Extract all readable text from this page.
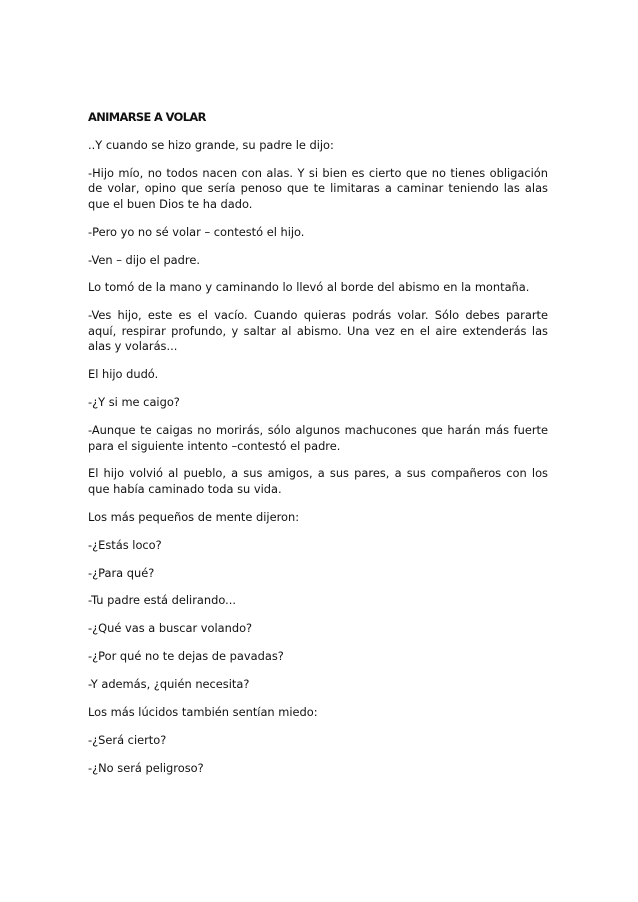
ANIMARSE A VOLAR
..Y cuando se hizo grande, su padre le dijo:
-Hijo mío, no todos nacen con alas. Y si bien es cierto que no tienes obligación
de volar, opino que sería penoso que te limitaras a caminar teniendo las alas
que el buen Dios te ha dado.
-Pero yo no sé volar – contestó el hijo.
-Ven – dijo el padre.
Lo tomó de la mano y caminando lo llevó al borde del abismo en la montaña.
-Ves hijo, este es el vacío. Cuando quieras podrás volar. Sólo debes pararte
aquí, respirar profundo, y saltar al abismo. Una vez en el aire extenderás las
alas y volarás...
El hijo dudó.
-¿Y si me caigo?
-Aunque te caigas no morirás, sólo algunos machucones que harán más fuerte
para el siguiente intento –contestó el padre.
El hijo volvió al pueblo, a sus amigos, a sus pares, a sus compañeros con los
que había caminado toda su vida.
Los más pequeños de mente dijeron:
-¿Estás loco?
-¿Para qué?
-Tu padre está delirando...
-¿Qué vas a buscar volando?
-¿Por qué no te dejas de pavadas?
-Y además, ¿quién necesita?
Los más lúcidos también sentían miedo:
-¿Será cierto?
-¿No será peligroso?
